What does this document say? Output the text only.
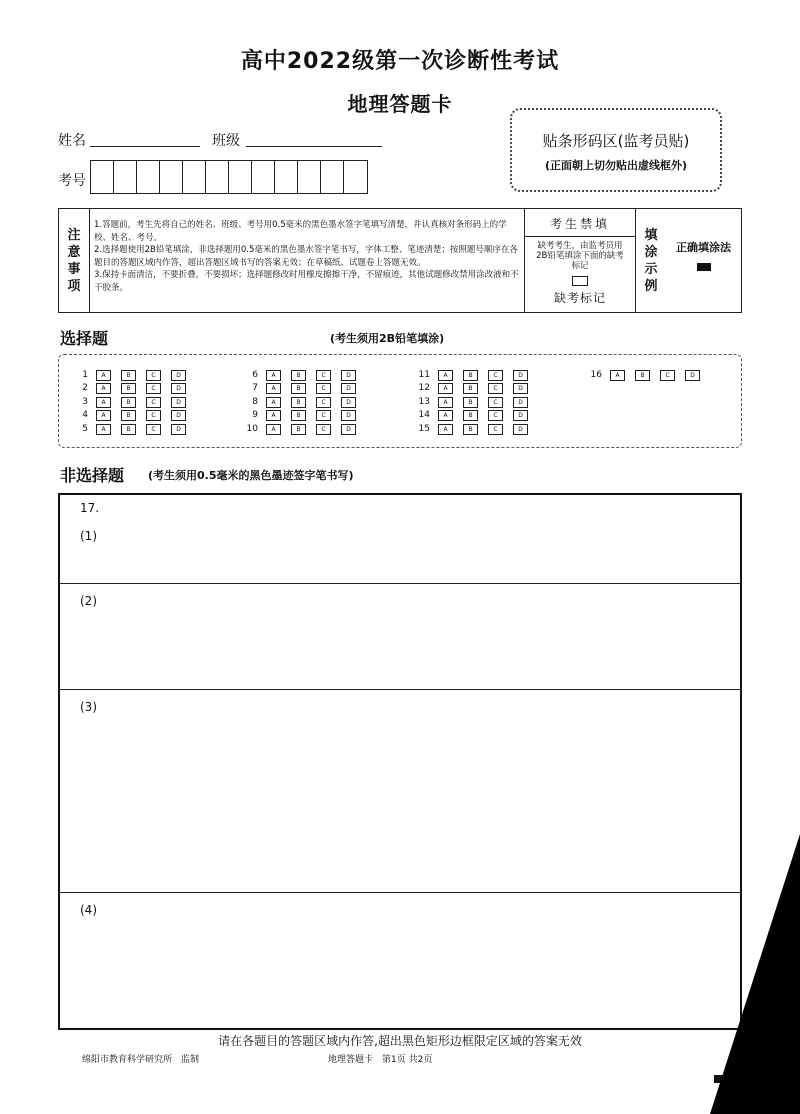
高中2022级第一次诊断性考试
地理答题卡
姓名	班级
考号
贴条形码区(监考员贴)
(正面朝上切勿贴出虚线框外)
注
意
事
项
1.答题前，考生先将自己的姓名、班级、考号用0.5毫米的黑色墨水签字笔填写清楚，并认真核对条形码上的学校、姓名、考号。
2.选择题使用2B铅笔填涂，非选择题用0.5毫米的黑色墨水签字笔书写，字体工整、笔迹清楚；按照题号顺序在各题目的答题区域内作答，超出答题区域书写的答案无效；在草稿纸、试题卷上答题无效。
3.保持卡面清洁，不要折叠，不要损坏；选择题修改时用橡皮擦擦干净，不留痕迹，其他试题修改禁用涂改液和不干胶条。
考生禁填
缺考考生，由监考员用2B铅笔填涂下面的缺考标记
缺考标记
填
涂
示
例
正确填涂法
选择题	(考生须用2B铅笔填涂)
1	A	B	C	D
2	A	B	C	D
3	A	B	C	D
4	A	B	C	D
5	A	B	C	D
6	A	B	C	D
7	A	B	C	D
8	A	B	C	D
9	A	B	C	D
10	A	B	C	D
11	A	B	C	D
12	A	B	C	D
13	A	B	C	D
14	A	B	C	D
15	A	B	C	D
16	A	B	C	D
非选择题 (考生须用0.5毫米的黑色墨迹签字笔书写)
17.
(1)
(2)
(3)
(4)
请在各题目的答题区域内作答,超出黑色矩形边框限定区域的答案无效
绵阳市教育科学研究所　监制	地理答题卡　第1页 共2页
